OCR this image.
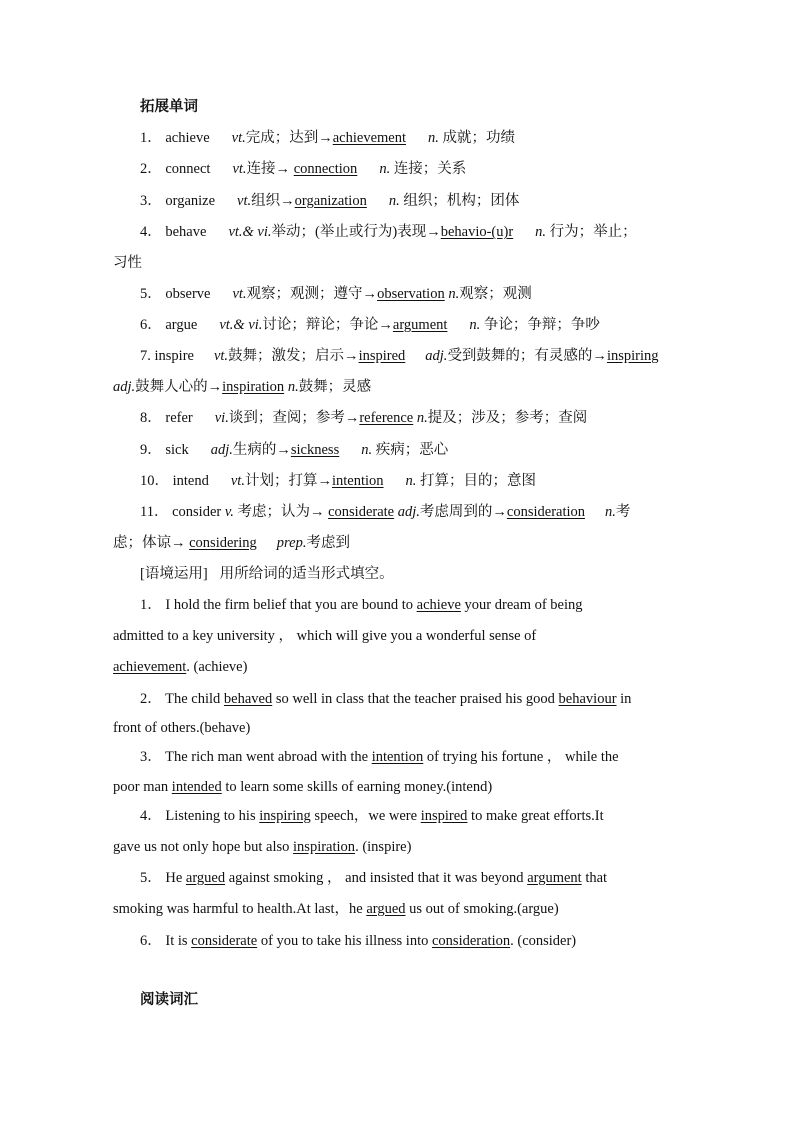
拓展单词
1． achieve vt.完成；达到→achievement n. 成就；功绩
2． connect vt.连接→ connection n. 连接；关系
3． organize vt.组织→organization n. 组织；机构；团体
4． behave vt.& vi.举动；(举止或行为)表现→behavio-(u)r n. 行为；举止；
习性
5． observe vt.观察；观测；遵守→observation n.观察；观测
6． argue vt.& vi.讨论；辩论；争论→argument n. 争论；争辩；争吵
7. inspire vt.鼓舞；激发；启示→inspired adj.受到鼓舞的；有灵感的→inspiring
adj.鼓舞人心的→inspiration n.鼓舞；灵感
8． refer vi.谈到；查阅；参考→reference n.提及；涉及；参考；查阅
9． sick adj.生病的→sickness n. 疾病；恶心
10． intend vt.计划；打算→intention n. 打算；目的；意图
11． consider v. 考虑；认为→ considerate adj.考虑周到的→consideration n.考
虑；体谅→ considering prep.考虑到
[语境运用] 用所给词的适当形式填空。
1． I hold the firm belief that you are bound to achieve your dream of being
admitted to a key university ， which will give you a wonderful sense of
achievement. (achieve)
2． The child behaved so well in class that the teacher praised his good behaviour in
front of others.(behave)
3． The rich man went abroad with the intention of trying his fortune ， while the
poor man intended to learn some skills of earning money.(intend)
4． Listening to his inspiring speech，we were inspired to make great efforts.It
gave us not only hope but also inspiration. (inspire)
5． He argued against smoking ， and insisted that it was beyond argument that
smoking was harmful to health.At last，he argued us out of smoking.(argue)
6． It is considerate of you to take his illness into consideration. (consider)
阅读词汇
